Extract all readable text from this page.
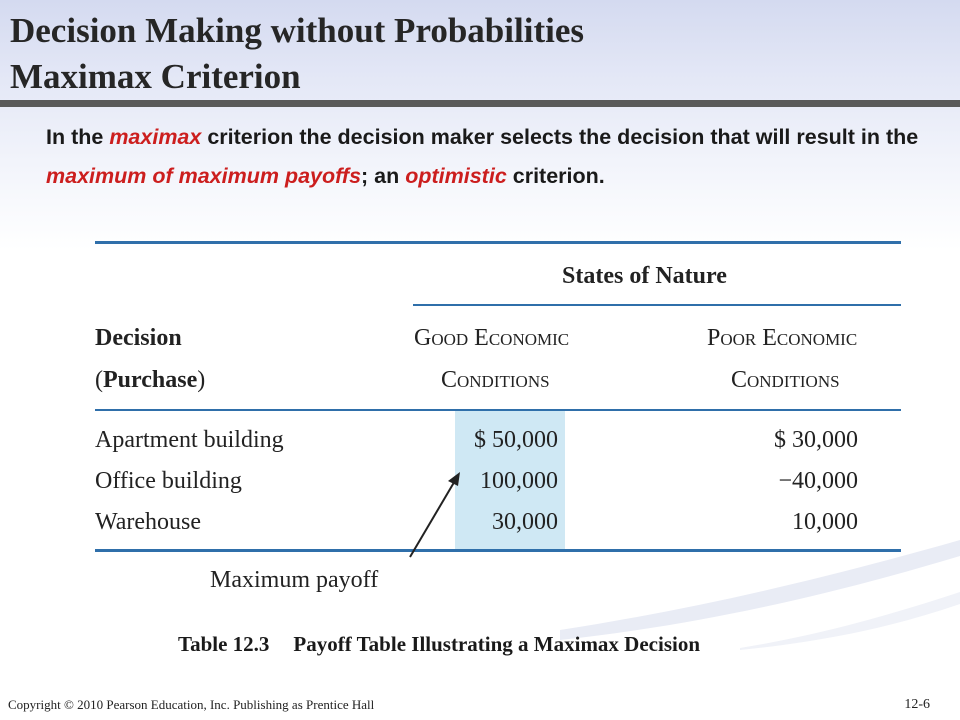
Decision Making without Probabilities
Maximax Criterion
In the maximax criterion the decision maker selects the decision that will result in the maximum of maximum payoffs; an optimistic criterion.
States of Nature
Decision
(Purchase)
Good Economic
Conditions
Poor Economic
Conditions
Apartment building	$ 50,000	$ 30,000
Office building	100,000	−40,000
Warehouse	30,000	10,000
Maximum payoff
Table 12.3 Payoff Table Illustrating a Maximax Decision
Copyright © 2010 Pearson Education, Inc. Publishing as Prentice Hall	12-6
